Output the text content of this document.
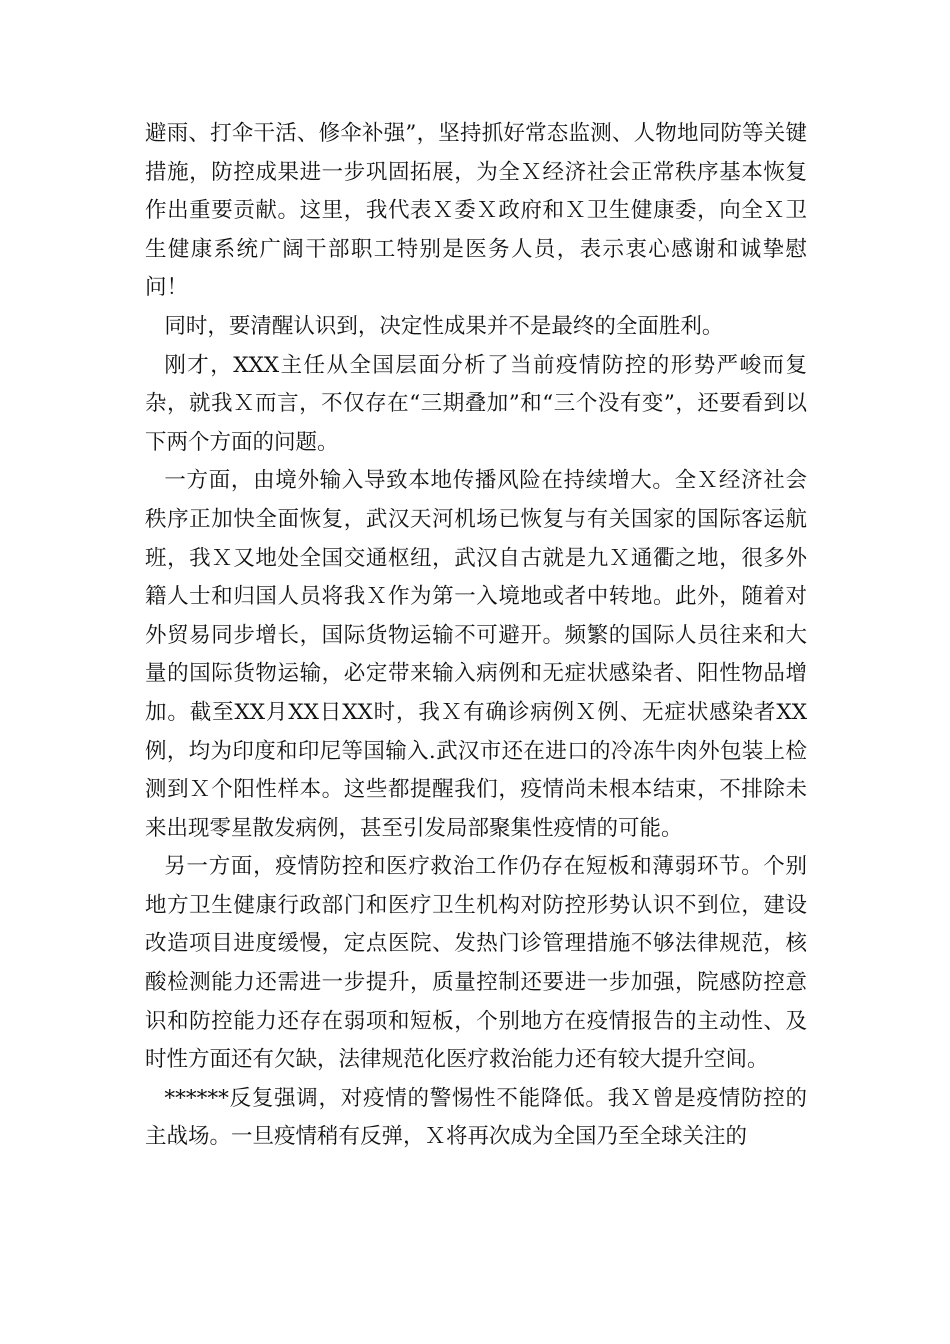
避雨、打伞干活、修伞补强”，坚持抓好常态监测、人物地同防等关键措施，防控成果进一步巩固拓展，为全Ｘ经济社会正常秩序基本恢复作出重要贡献。这里，我代表Ｘ委Ｘ政府和Ｘ卫生健康委，向全Ｘ卫生健康系统广阔干部职工特别是医务人员，表示衷心感谢和诚挚慰问！

同时，要清醒认识到，决定性成果并不是最终的全面胜利。

刚才，XXX主任从全国层面分析了当前疫情防控的形势严峻而复杂，就我Ｘ而言，不仅存在“三期叠加”和“三个没有变”，还要看到以下两个方面的问题。

一方面，由境外输入导致本地传播风险在持续增大。全Ｘ经济社会秩序正加快全面恢复，武汉天河机场已恢复与有关国家的国际客运航班，我Ｘ又地处全国交通枢纽，武汉自古就是九Ｘ通衢之地，很多外籍人士和归国人员将我Ｘ作为第一入境地或者中转地。此外，随着对外贸易同步增长，国际货物运输不可避开。频繁的国际人员往来和大量的国际货物运输，必定带来输入病例和无症状感染者、阳性物品增加。截至XX月XX日XX时，我Ｘ有确诊病例Ｘ例、无症状感染者XX例，均为印度和印尼等国输入.武汉市还在进口的冷冻牛肉外包装上检测到Ｘ个阳性样本。这些都提醒我们，疫情尚未根本结束，不排除未来出现零星散发病例，甚至引发局部聚集性疫情的可能。

另一方面，疫情防控和医疗救治工作仍存在短板和薄弱环节。个别地方卫生健康行政部门和医疗卫生机构对防控形势认识不到位，建设改造项目进度缓慢，定点医院、发热门诊管理措施不够法律规范，核酸检测能力还需进一步提升，质量控制还要进一步加强，院感防控意识和防控能力还存在弱项和短板，个别地方在疫情报告的主动性、及时性方面还有欠缺，法律规范化医疗救治能力还有较大提升空间。

******反复强调，对疫情的警惕性不能降低。我Ｘ曾是疫情防控的主战场。一旦疫情稍有反弹，Ｘ将再次成为全国乃至全球关注的
